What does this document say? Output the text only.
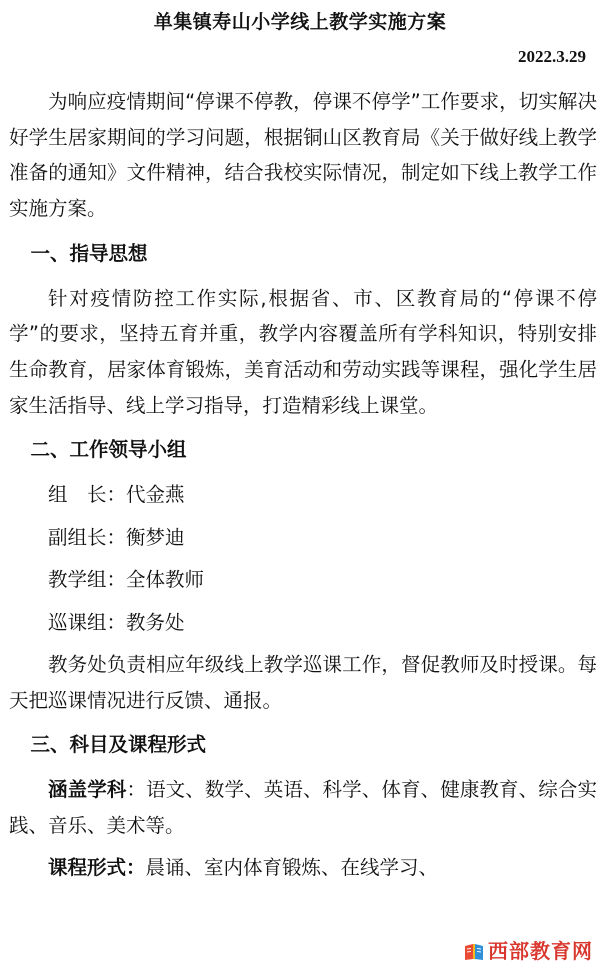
单集镇寿山小学线上教学实施方案
2022.3.29

为响应疫情期间“停课不停教，停课不停学”工作要求，切实解决好学生居家期间的学习问题，根据铜山区教育局《关于做好线上教学准备的通知》文件精神，结合我校实际情况，制定如下线上教学工作实施方案。

一、指导思想

针对疫情防控工作实际,根据省、市、区教育局的“停课不停学”的要求，坚持五育并重，教学内容覆盖所有学科知识，特别安排生命教育，居家体育锻炼，美育活动和劳动实践等课程，强化学生居家生活指导、线上学习指导，打造精彩线上课堂。

二、工作领导小组
组　长：代金燕
副组长：衡梦迪
教学组：全体教师
巡课组：教务处

教务处负责相应年级线上教学巡课工作，督促教师及时授课。每天把巡课情况进行反馈、通报。

三、科目及课程形式

涵盖学科：语文、数学、英语、科学、体育、健康教育、综合实践、音乐、美术等。

课程形式：晨诵、室内体育锻炼、在线学习、

西部教育网
